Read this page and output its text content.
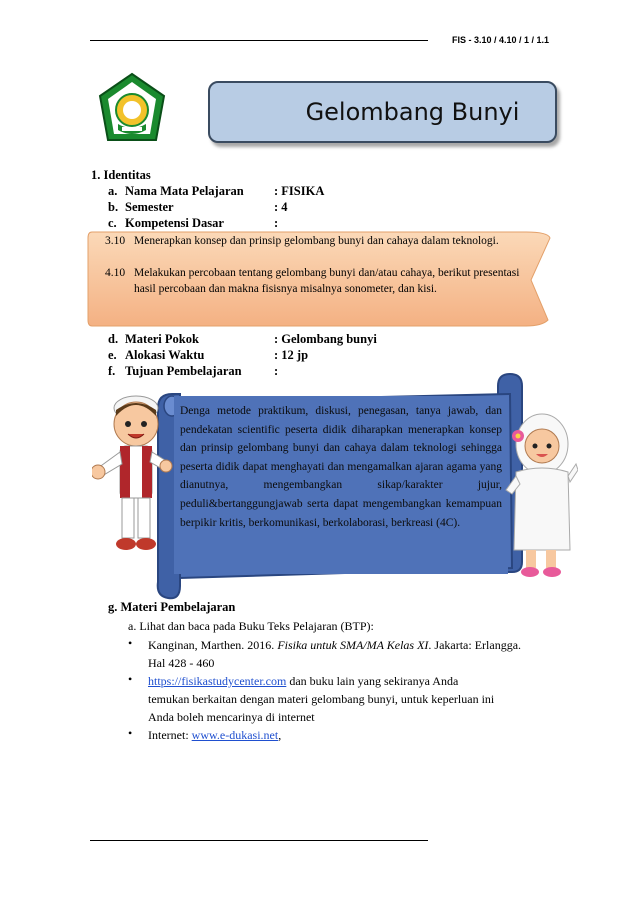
FIS - 3.10 / 4.10 / 1 / 1.1
Gelombang Bunyi
1. Identitas
a. Nama Mata Pelajaran : FISIKA
b. Semester	: 4
c. Kompetensi Dasar	:
3.10 Menerapkan konsep dan prinsip gelombang bunyi dan cahaya dalam teknologi.
4.10 Melakukan percobaan tentang gelombang bunyi dan/atau cahaya, berikut presentasi hasil percobaan dan makna fisisnya misalnya sonometer, dan kisi.
d. Materi Pokok	: Gelombang bunyi
e. Alokasi Waktu	: 12 jp
f. Tujuan Pembelajaran	:
Denga metode praktikum, diskusi, penegasan, tanya jawab, dan pendekatan scientific peserta didik diharapkan menerapkan konsep dan prinsip gelombang bunyi dan cahaya dalam teknologi sehingga peserta didik dapat menghayati dan mengamalkan ajaran agama yang dianutnya, mengembangkan sikap/karakter jujur, peduli&bertanggungjawab serta dapat mengembangkan kemampuan berpikir kritis, berkomunikasi, berkolaborasi, berkreasi (4C).
g. Materi Pembelajaran
a. Lihat dan baca pada Buku Teks Pelajaran (BTP):
• Kanginan, Marthen. 2016. Fisika untuk SMA/MA Kelas XI. Jakarta: Erlangga.
Hal 428 - 460
• https://fisikastudycenter.com dan buku lain yang sekiranya Anda
temukan berkaitan dengan materi gelombang bunyi, untuk keperluan ini
Anda boleh mencarinya di internet
• Internet: www.e-dukasi.net,
